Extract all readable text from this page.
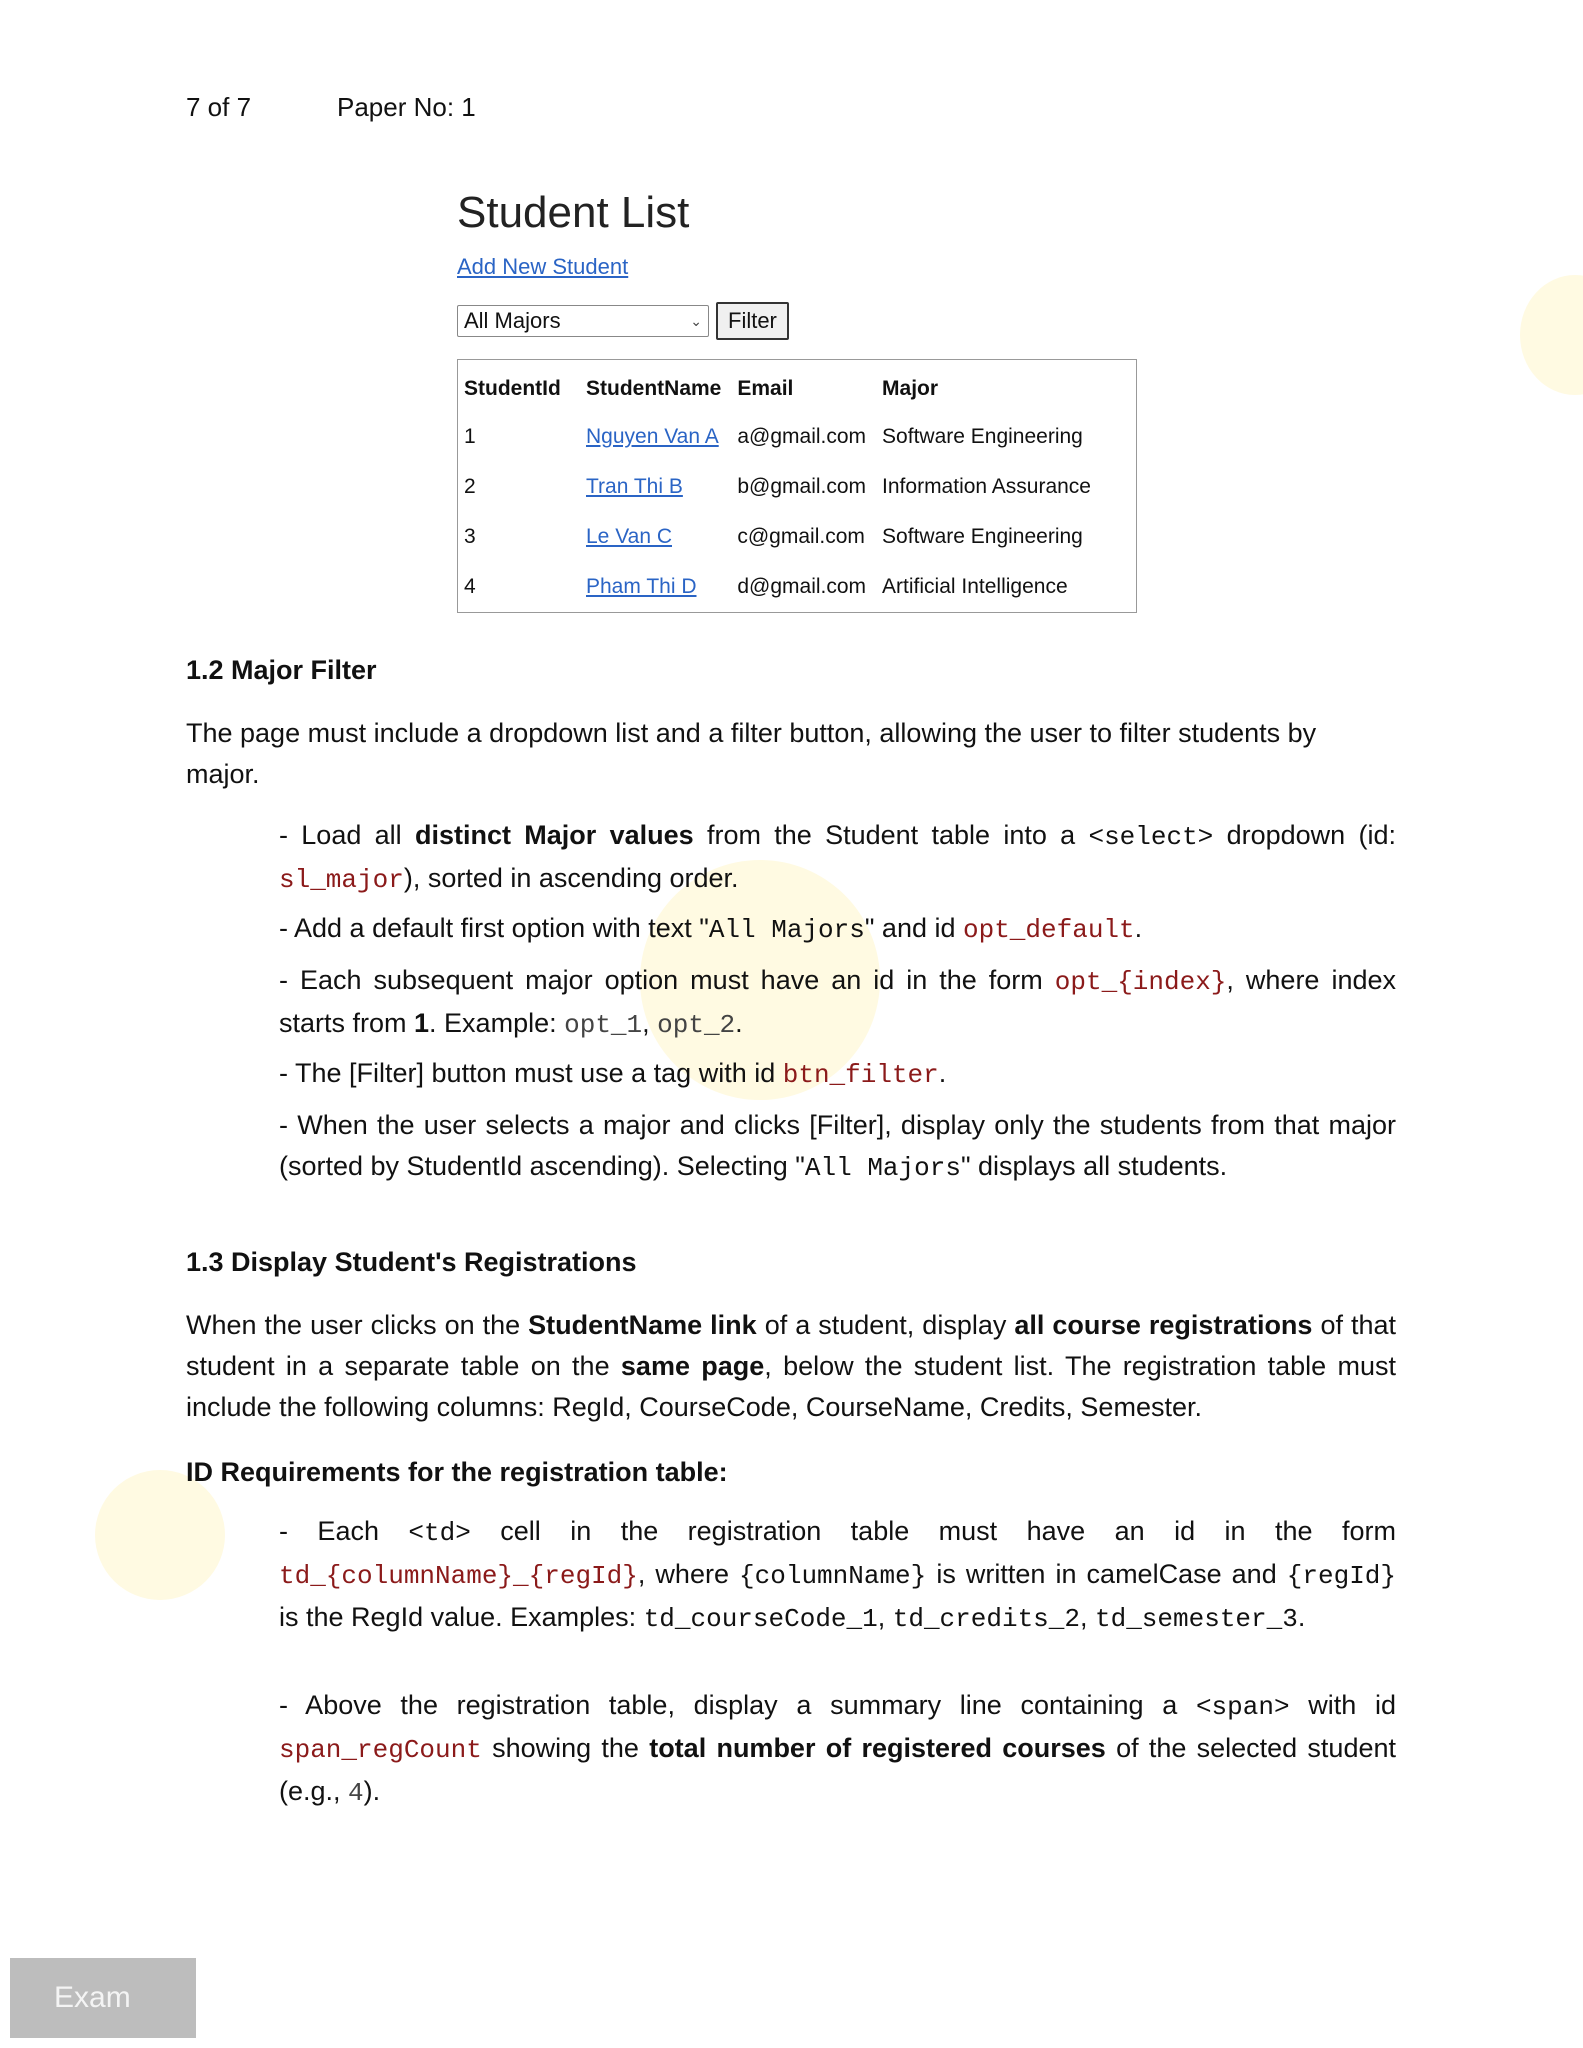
7 of 7	Paper No: 1
Student List
Add New Student
All Majors	⌄	Filter
StudentId	StudentName	Email	Major
1	Nguyen Van A	a@gmail.com	Software Engineering
2	Tran Thi B	b@gmail.com	Information Assurance
3	Le Van C	c@gmail.com	Software Engineering
4	Pham Thi D	d@gmail.com	Artificial Intelligence
1.2 Major Filter
The page must include a dropdown list and a filter button, allowing the user to filter students by major.
- Load all distinct Major values from the Student table into a <select> dropdown (id: sl_major), sorted in ascending order.
- Add a default first option with text "All Majors" and id opt_default.
- Each subsequent major option must have an id in the form opt_{index}, where index starts from 1. Example: opt_1, opt_2.
- The [Filter] button must use a tag with id btn_filter.
- When the user selects a major and clicks [Filter], display only the students from that major (sorted by StudentId ascending). Selecting "All Majors" displays all students.
1.3 Display Student's Registrations
When the user clicks on the StudentName link of a student, display all course registrations of that student in a separate table on the same page, below the student list. The registration table must include the following columns: RegId, CourseCode, CourseName, Credits, Semester.
ID Requirements for the registration table:
- Each <td> cell in the registration table must have an id in the form td_{columnName}_{regId}, where {columnName} is written in camelCase and {regId} is the RegId value. Examples: td_courseCode_1, td_credits_2, td_semester_3.
- Above the registration table, display a summary line containing a <span> with id span_regCount showing the total number of registered courses of the selected student (e.g., 4).
Exam
